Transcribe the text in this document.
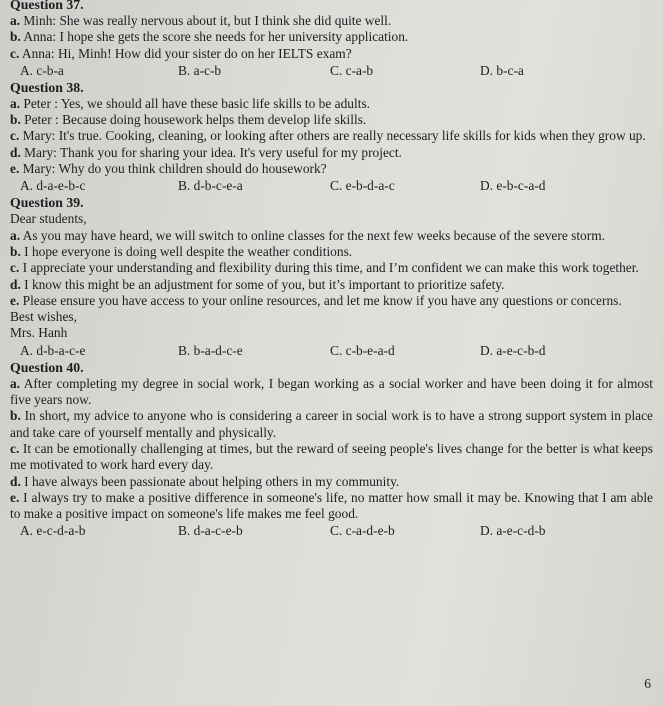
Question 37.
a. Minh: She was really nervous about it, but I think she did quite well.
b. Anna: I hope she gets the score she needs for her university application.
c. Anna: Hi, Minh! How did your sister do on her IELTS exam?
A. c-b-a	B. a-c-b	C. c-a-b	D. b-c-a
Question 38.
a. Peter : Yes, we should all have these basic life skills to be adults.
b. Peter : Because doing housework helps them develop life skills.
c. Mary: It's true. Cooking, cleaning, or looking after others are really necessary life skills for kids when they grow up.
d. Mary: Thank you for sharing your idea. It's very useful for my project.
e. Mary: Why do you think children should do housework?
A. d-a-e-b-c	B. d-b-c-e-a	C. e-b-d-a-c	D. e-b-c-a-d
Question 39.
Dear students,
a. As you may have heard, we will switch to online classes for the next few weeks because of the severe storm.
b. I hope everyone is doing well despite the weather conditions.
c. I appreciate your understanding and flexibility during this time, and I’m confident we can make this work together.
d. I know this might be an adjustment for some of you, but it’s important to prioritize safety.
e. Please ensure you have access to your online resources, and let me know if you have any questions or concerns.
Best wishes,
Mrs. Hanh
A. d-b-a-c-e	B. b-a-d-c-e	C. c-b-e-a-d	D. a-e-c-b-d
Question 40.
a. After completing my degree in social work, I began working as a social worker and have been doing it for almost five years now.
b. In short, my advice to anyone who is considering a career in social work is to have a strong support system in place and take care of yourself mentally and physically.
c. It can be emotionally challenging at times, but the reward of seeing people's lives change for the better is what keeps me motivated to work hard every day.
d. I have always been passionate about helping others in my community.
e. I always try to make a positive difference in someone's life, no matter how small it may be. Knowing that I am able to make a positive impact on someone's life makes me feel good.
A. e-c-d-a-b	B. d-a-c-e-b	C. c-a-d-e-b	D. a-e-c-d-b
6
